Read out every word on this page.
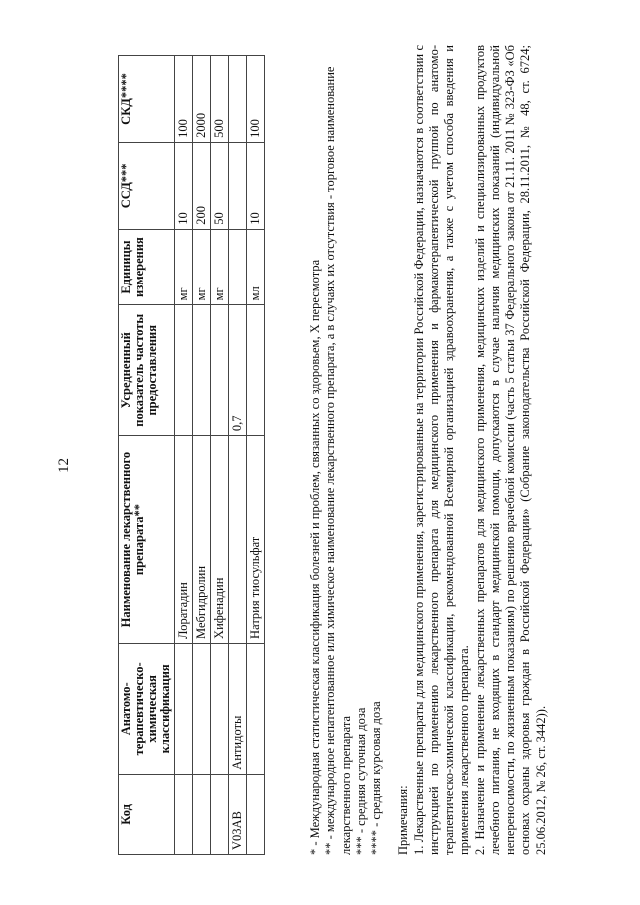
12
Код	Анатомо-терапевтическо-химическая классификация	Наименование лекарственного препарата**	Усредненный показатель частоты предоставления	Единицы измерения	ССД***	СКД****
		Лоратадин		мг	10	100
		Мебгидролин		мг	200	2000
		Хифенадин		мг	50	500
V03AB	Антидоты		0,7			
		Натрия тиосульфат		мл	10	100

* - Международная статистическая классификация болезней и проблем, связанных со здоровьем, X пересмотра ** - международное непатентованное или химическое наименование лекарственного препарата, а в случаях их отсутствия - торговое наименование лекарственного препарата *** - средняя суточная доза **** - средняя курсовая доза Примечания: 1. Лекарственные препараты для медицинского применения, зарегистрированные на территории Российской Федерации, назначаются в соответствии с инструкцией по применению лекарственного препарата для медицинского применения и фармакотерапевтической группой по анатомо-терапевтическо-химической классификации, рекомендованной Всемирной организацией здравоохранения, а также с учетом способа введения и применения лекарственного препарата. 2. Назначение и применение лекарственных препаратов для медицинского применения, медицинских изделий и специализированных продуктов лечебного питания, не входящих в стандарт медицинской помощи, допускаются в случае наличия медицинских показаний (индивидуальной непереносимости, по жизненным показаниям) по решению врачебной комиссии (часть 5 статьи 37 Федерального закона от 21.11. 2011 № 323-ФЗ «Об основах охраны здоровья граждан в Российской Федерации» (Собрание законодательства Российской Федерации, 28.11.2011, № 48, ст. 6724; 25.06.2012, № 26, ст. 3442)).
